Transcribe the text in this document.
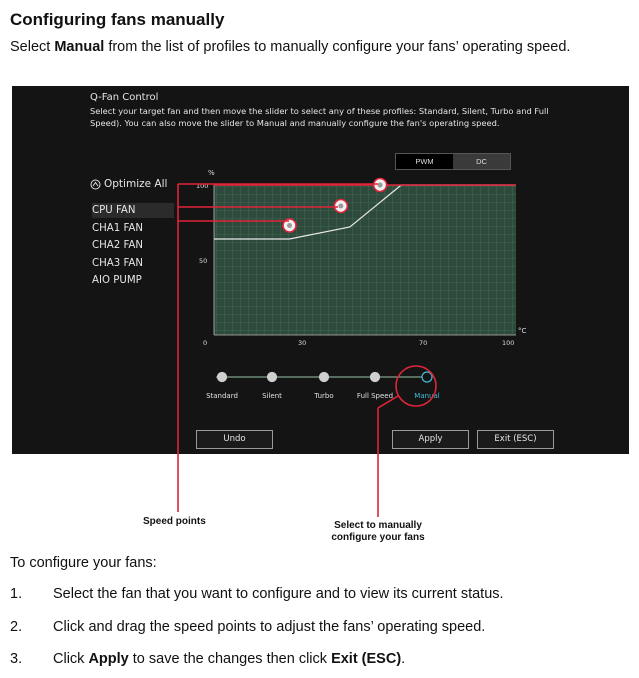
Configuring fans manually
Select Manual from the list of profiles to manually configure your fans’ operating speed.
Q-Fan Control
Select your target fan and then move the slider to select any of these profiles: Standard, Silent, Turbo and Full Speed). You can also move the slider to Manual and manually configure the fan's operating speed.
PWM	DC
Optimize All
CPU FAN
CHA1 FAN
CHA2 FAN
CHA3 FAN
AIO PUMP
%
°C
100
50
0	30	70	100
Standard	Silent	Turbo	Full Speed	Manual
Undo	Apply	Exit (ESC)
Speed points	Select to manually configure your fans
To configure your fans:
1. Select the fan that you want to configure and to view its current status.
2. Click and drag the speed points to adjust the fans’ operating speed.
3. Click Apply to save the changes then click Exit (ESC).
